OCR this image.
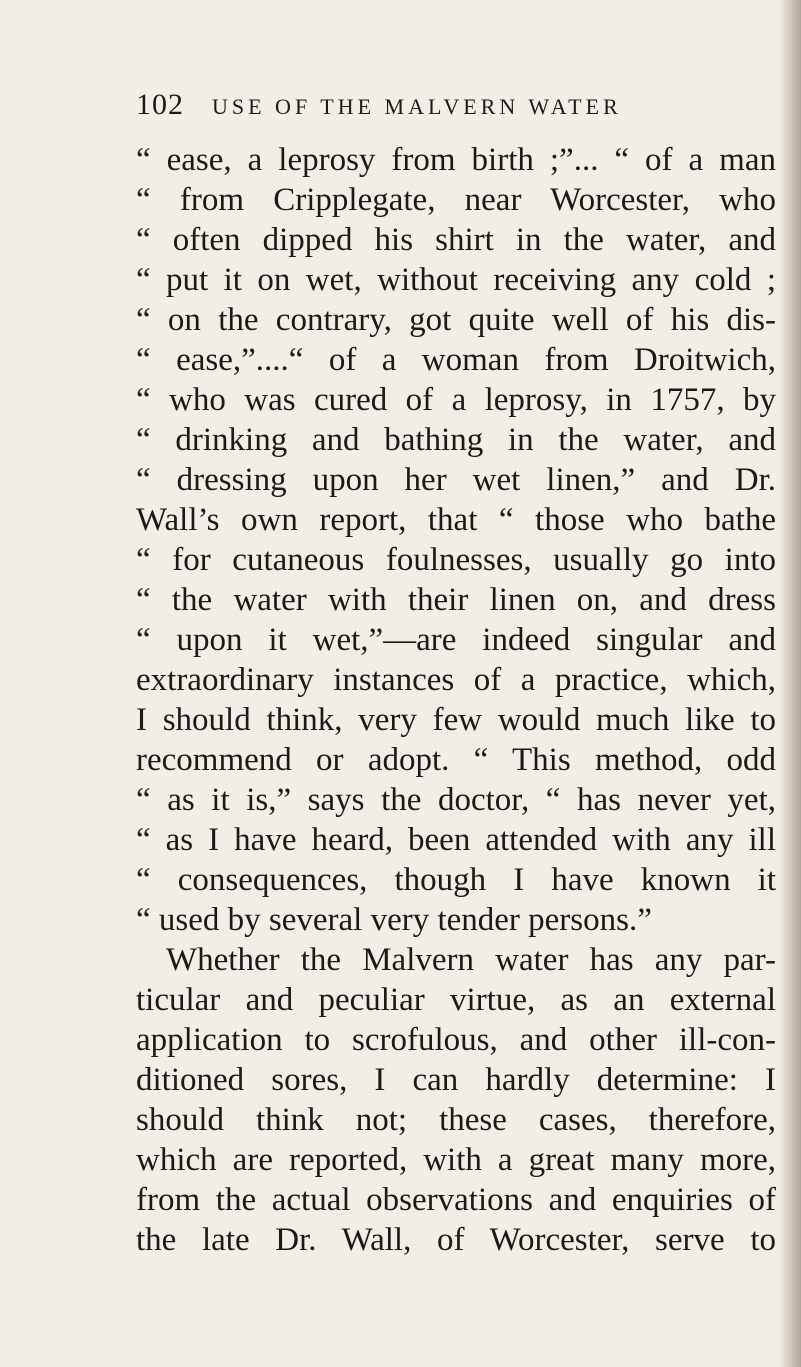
102 USE OF THE MALVERN WATER
“ ease, a leprosy from birth ;”... “ of a man
“ from Cripplegate, near Worcester, who
“ often dipped his shirt in the water, and
“ put it on wet, without receiving any cold ;
“ on the contrary, got quite well of his dis-
“ ease,”....“ of a woman from Droitwich,
“ who was cured of a leprosy, in 1757, by
“ drinking and bathing in the water, and
“ dressing upon her wet linen,” and Dr.
Wall’s own report, that “ those who bathe
“ for cutaneous foulnesses, usually go into
“ the water with their linen on, and dress
“ upon it wet,”—are indeed singular and
extraordinary instances of a practice, which,
I should think, very few would much like to
recommend or adopt. “ This method, odd
“ as it is,” says the doctor, “ has never yet,
“ as I have heard, been attended with any ill
“ consequences, though I have known it
“ used by several very tender persons.”
Whether the Malvern water has any par-
ticular and peculiar virtue, as an external
application to scrofulous, and other ill-con-
ditioned sores, I can hardly determine: I
should think not; these cases, therefore,
which are reported, with a great many more,
from the actual observations and enquiries of
the late Dr. Wall, of Worcester, serve to
